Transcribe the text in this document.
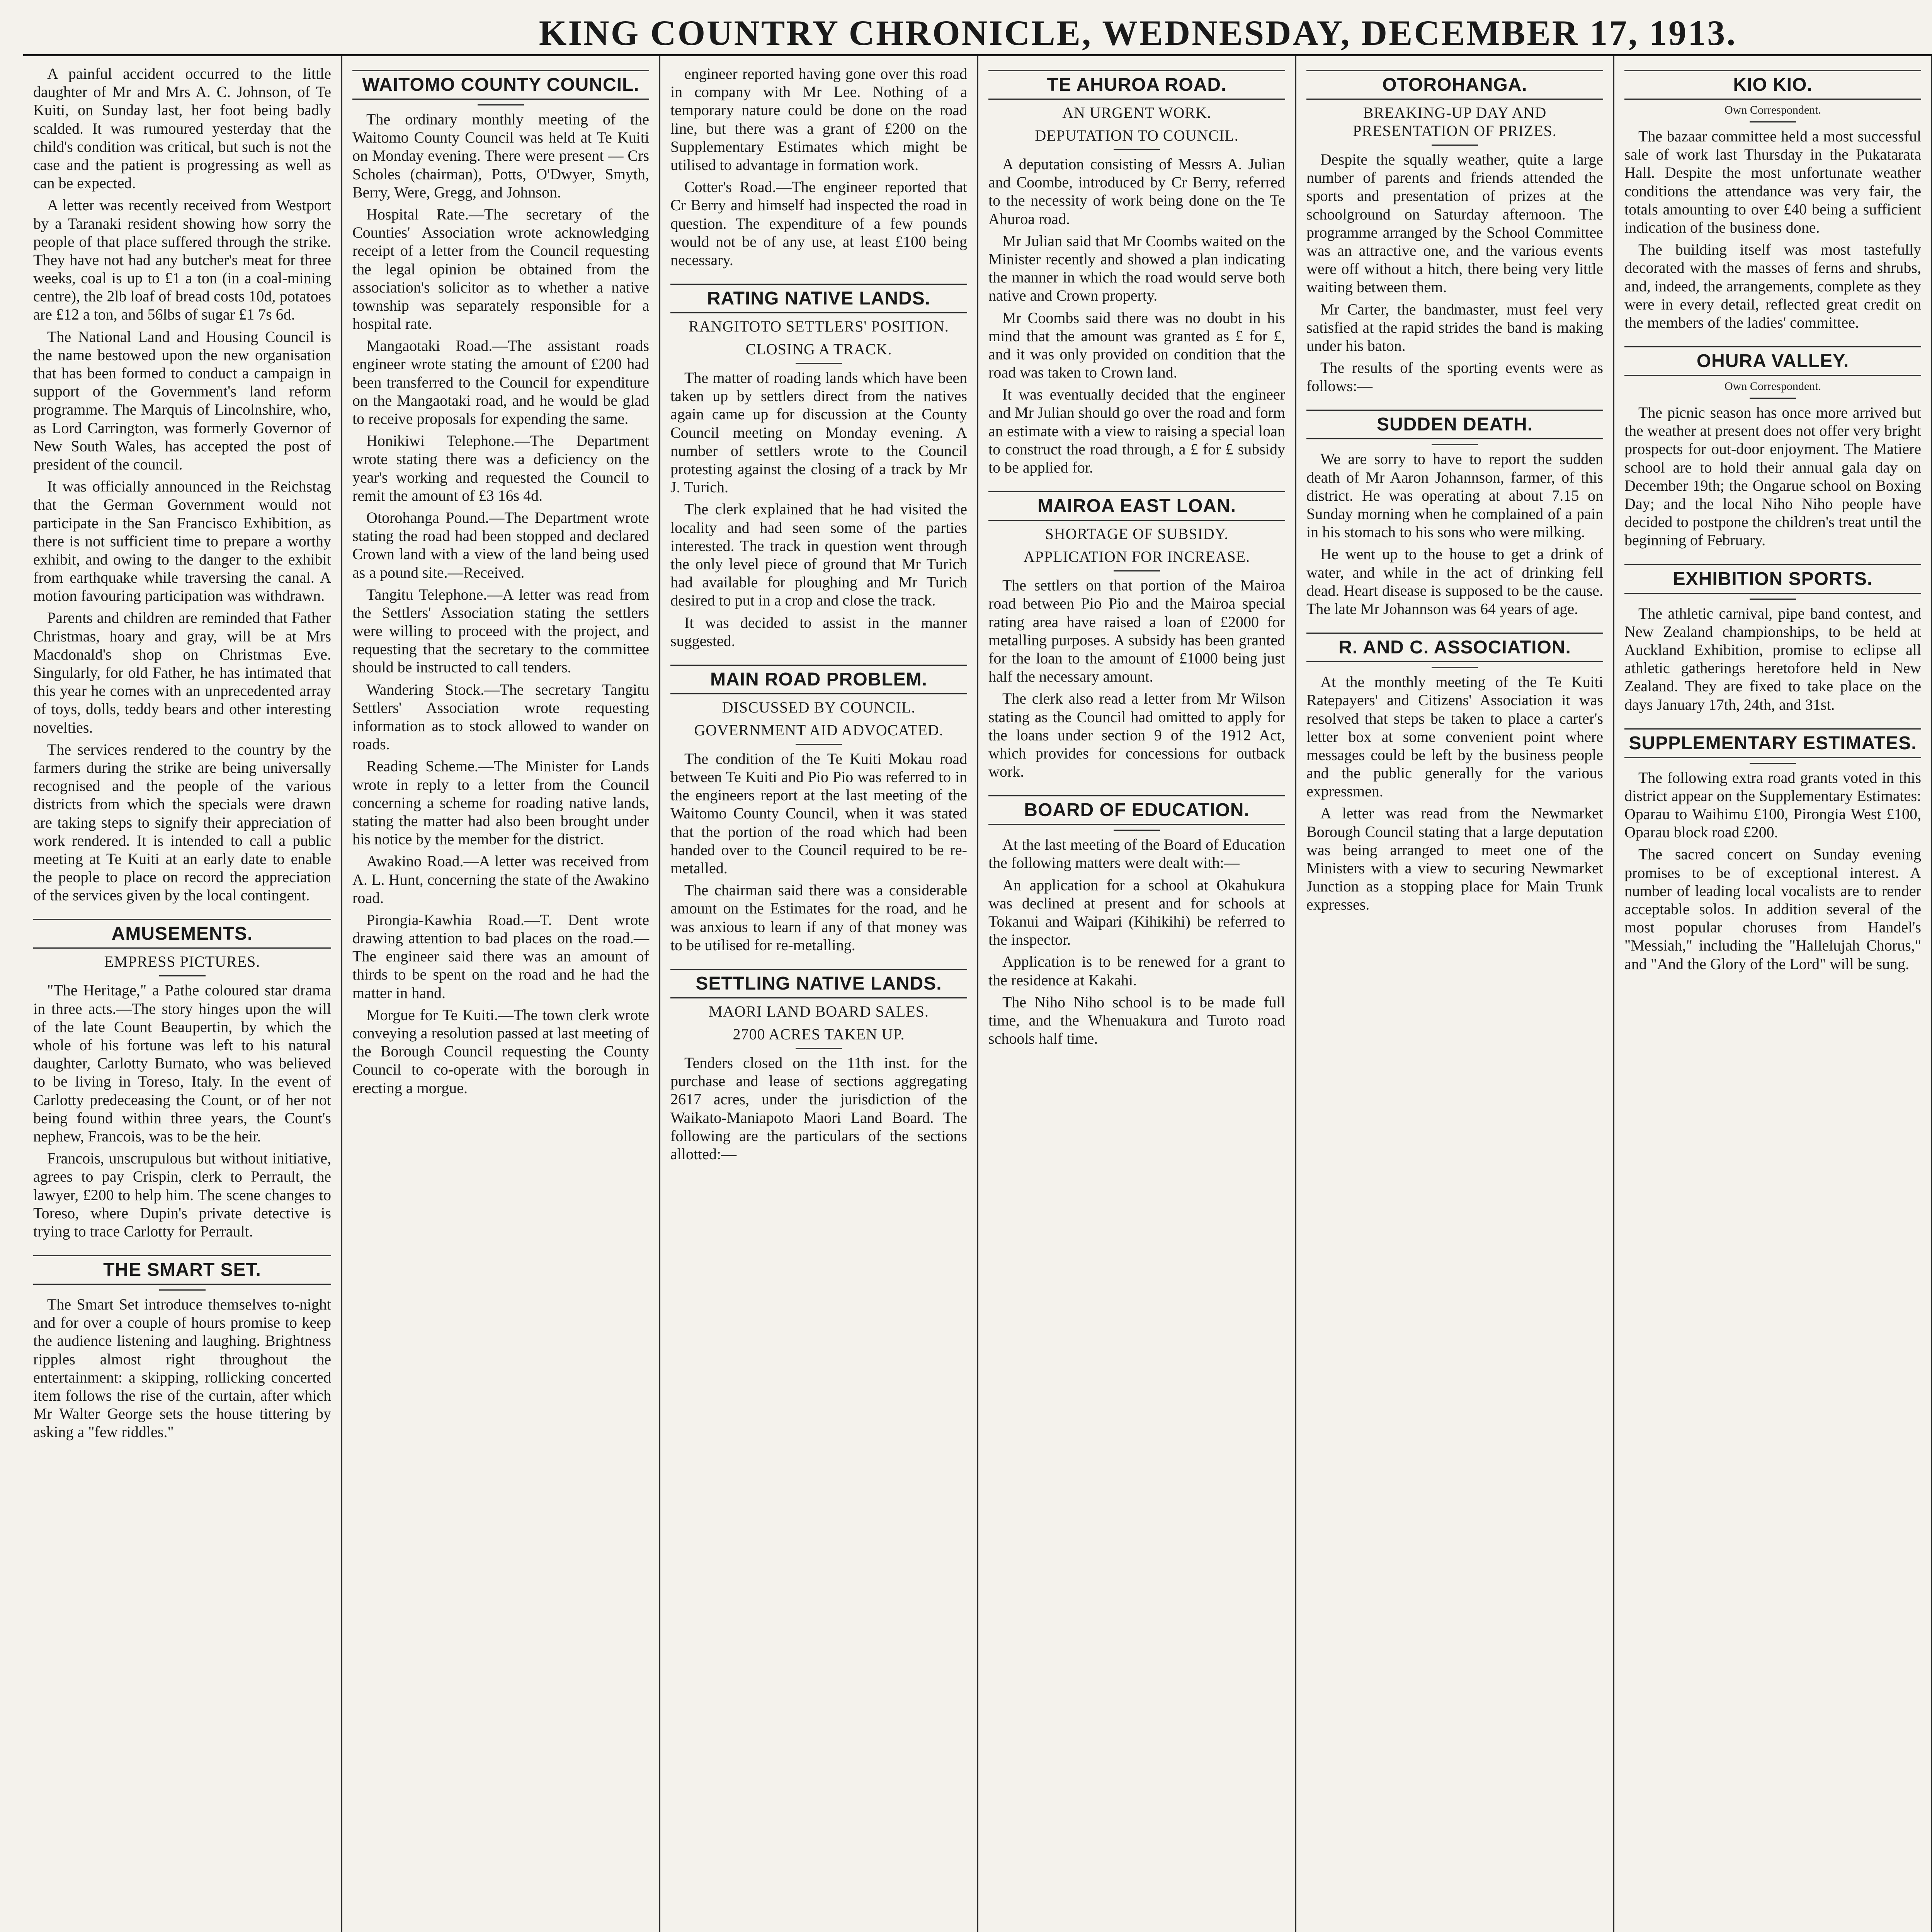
KING COUNTRY CHRONICLE, WEDNESDAY, DECEMBER 17, 1913.

A painful accident occurred to the little daughter of Mr and Mrs A. C. Johnson, of Te Kuiti, on Sunday last, her foot being badly scalded. It was rumoured yesterday that the child's condition was critical, but such is not the case and the patient is progressing as well as can be expected.

A letter was recently received from Westport by a Taranaki resident showing how sorry the people of that place suffered through the strike. They have not had any butcher's meat for three weeks, coal is up to £1 a ton (in a coal-mining centre), the 2lb loaf of bread costs 10d, potatoes are £12 a ton, and 56lbs of sugar £1 7s 6d.

The National Land and Housing Council is the name bestowed upon the new organisation that has been formed to conduct a campaign in support of the Government's land reform programme. The Marquis of Lincolnshire, who, as Lord Carrington, was formerly Governor of New South Wales, has accepted the post of president of the council.

It was officially announced in the Reichstag that the German Government would not participate in the San Francisco Exhibition, as there is not sufficient time to prepare a worthy exhibit, and owing to the danger to the exhibit from earthquake while traversing the canal. A motion favouring participation was withdrawn.

Parents and children are reminded that Father Christmas, hoary and gray, will be at Mrs Macdonald's shop on Christmas Eve. Singularly, for old Father, he has intimated that this year he comes with an unprecedented array of toys, dolls, teddy bears and other interesting novelties.

The services rendered to the country by the farmers during the strike are being universally recognised and the people of the various districts from which the specials were drawn are taking steps to signify their appreciation of work rendered. It is intended to call a public meeting at Te Kuiti at an early date to enable the people to place on record the appreciation of the services given by the local contingent.

AMUSEMENTS.
EMPRESS PICTURES.

"The Heritage," a Pathe coloured star drama in three acts.—The story hinges upon the will of the late Count Beaupertin, by which the whole of his fortune was left to his natural daughter, Carlotty Burnato, who was believed to be living in Toreso, Italy. In the event of Carlotty predeceasing the Count, or of her not being found within three years, the Count's nephew, Francois, was to be the heir.

Francois, unscrupulous but without initiative, agrees to pay Crispin, clerk to Perrault, the lawyer, £200 to help him. The scene changes to Toreso, where Dupin's private detective is trying to trace Carlotty for Perrault.

THE SMART SET.

The Smart Set introduce themselves to-night and for over a couple of hours promise to keep the audience listening and laughing. Brightness ripples almost right throughout the entertainment: a skipping, rollicking concerted item follows the rise of the curtain, after which Mr Walter George sets the house tittering by asking a "few riddles."

WAITOMO COUNTY COUNCIL.

The ordinary monthly meeting of the Waitomo County Council was held at Te Kuiti on Monday evening. There were present — Crs Scholes (chairman), Potts, O'Dwyer, Smyth, Berry, Were, Gregg, and Johnson.

Hospital Rate.—The secretary of the Counties' Association wrote acknowledging receipt of a letter from the Council requesting the legal opinion be obtained from the association's solicitor as to whether a native township was separately responsible for a hospital rate.

Mangaotaki Road.—The assistant roads engineer wrote stating the amount of £200 had been transferred to the Council for expenditure on the Mangaotaki road, and he would be glad to receive proposals for expending the same.

Honikiwi Telephone.—The Department wrote stating there was a deficiency on the year's working and requested the Council to remit the amount of £3 16s 4d.

Otorohanga Pound.—The Department wrote stating the road had been stopped and declared Crown land with a view of the land being used as a pound site.—Received.

Tangitu Telephone.—A letter was read from the Settlers' Association stating the settlers were willing to proceed with the project, and requesting that the secretary to the committee should be instructed to call tenders.

Wandering Stock.—The secretary Tangitu Settlers' Association wrote requesting information as to stock allowed to wander on roads.

Reading Scheme.—The Minister for Lands wrote in reply to a letter from the Council concerning a scheme for roading native lands, stating the matter had also been brought under his notice by the member for the district.

Awakino Road.—A letter was received from A. L. Hunt, concerning the state of the Awakino road.

Pirongia-Kawhia Road.—T. Dent wrote drawing attention to bad places on the road.—The engineer said there was an amount of thirds to be spent on the road and he had the matter in hand.

Morgue for Te Kuiti.—The town clerk wrote conveying a resolution passed at last meeting of the Borough Council requesting the County Council to co-operate with the borough in erecting a morgue.

engineer reported having gone over this road in company with Mr Lee. Nothing of a temporary nature could be done on the road line, but there was a grant of £200 on the Supplementary Estimates which might be utilised to advantage in formation work.

Cotter's Road.—The engineer reported that Cr Berry and himself had inspected the road in question. The expenditure of a few pounds would not be of any use, at least £100 being necessary.

RATING NATIVE LANDS.
RANGITOTO SETTLERS' POSITION.
CLOSING A TRACK.

The matter of roading lands which have been taken up by settlers direct from the natives again came up for discussion at the County Council meeting on Monday evening. A number of settlers wrote to the Council protesting against the closing of a track by Mr J. Turich.

The clerk explained that he had visited the locality and had seen some of the parties interested. The track in question went through the only level piece of ground that Mr Turich had available for ploughing and Mr Turich desired to put in a crop and close the track.

It was decided to assist in the manner suggested.

MAIN ROAD PROBLEM.
DISCUSSED BY COUNCIL.
GOVERNMENT AID ADVOCATED.

The condition of the Te Kuiti Mokau road between Te Kuiti and Pio Pio was referred to in the engineers report at the last meeting of the Waitomo County Council, when it was stated that the portion of the road which had been handed over to the Council required to be re-metalled.

The chairman said there was a considerable amount on the Estimates for the road, and he was anxious to learn if any of that money was to be utilised for re-metalling.

SETTLING NATIVE LANDS.
MAORI LAND BOARD SALES.
2700 ACRES TAKEN UP.

Tenders closed on the 11th inst. for the purchase and lease of sections aggregating 2617 acres, under the jurisdiction of the Waikato-Maniapoto Maori Land Board. The following are the particulars of the sections allotted:—

TE AHUROA ROAD.
AN URGENT WORK.
DEPUTATION TO COUNCIL.

A deputation consisting of Messrs A. Julian and Coombe, introduced by Cr Berry, referred to the necessity of work being done on the Te Ahuroa road.

Mr Julian said that Mr Coombs waited on the Minister recently and showed a plan indicating the manner in which the road would serve both native and Crown property.

Mr Coombs said there was no doubt in his mind that the amount was granted as £ for £, and it was only provided on condition that the road was taken to Crown land.

It was eventually decided that the engineer and Mr Julian should go over the road and form an estimate with a view to raising a special loan to construct the road through, a £ for £ subsidy to be applied for.

MAIROA EAST LOAN.
SHORTAGE OF SUBSIDY.
APPLICATION FOR INCREASE.

The settlers on that portion of the Mairoa road between Pio Pio and the Mairoa special rating area have raised a loan of £2000 for metalling purposes. A subsidy has been granted for the loan to the amount of £1000 being just half the necessary amount.

The clerk also read a letter from Mr Wilson stating as the Council had omitted to apply for the loans under section 9 of the 1912 Act, which provides for concessions for outback work.

BOARD OF EDUCATION.

At the last meeting of the Board of Education the following matters were dealt with:—

An application for a school at Okahukura was declined at present and for schools at Tokanui and Waipari (Kihikihi) be referred to the inspector.

Application is to be renewed for a grant to the residence at Kakahi.

The Niho Niho school is to be made full time, and the Whenuakura and Turoto road schools half time.

OTOROHANGA.
BREAKING-UP DAY AND PRESENTATION OF PRIZES.

Despite the squally weather, quite a large number of parents and friends attended the sports and presentation of prizes at the schoolground on Saturday afternoon. The programme arranged by the School Committee was an attractive one, and the various events were off without a hitch, there being very little waiting between them.

Mr Carter, the bandmaster, must feel very satisfied at the rapid strides the band is making under his baton.

The results of the sporting events were as follows:—

SUDDEN DEATH.

We are sorry to have to report the sudden death of Mr Aaron Johannson, farmer, of this district. He was operating at about 7.15 on Sunday morning when he complained of a pain in his stomach to his sons who were milking.

He went up to the house to get a drink of water, and while in the act of drinking fell dead. Heart disease is supposed to be the cause. The late Mr Johannson was 64 years of age.

R. AND C. ASSOCIATION.

At the monthly meeting of the Te Kuiti Ratepayers' and Citizens' Association it was resolved that steps be taken to place a carter's letter box at some convenient point where messages could be left by the business people and the public generally for the various expressmen.

A letter was read from the Newmarket Borough Council stating that a large deputation was being arranged to meet one of the Ministers with a view to securing Newmarket Junction as a stopping place for Main Trunk expresses.

KIO KIO.
Own Correspondent.

The bazaar committee held a most successful sale of work last Thursday in the Pukatarata Hall. Despite the most unfortunate weather conditions the attendance was very fair, the totals amounting to over £40 being a sufficient indication of the business done.

The building itself was most tastefully decorated with the masses of ferns and shrubs, and, indeed, the arrangements, complete as they were in every detail, reflected great credit on the members of the ladies' committee.

OHURA VALLEY.
Own Correspondent.

The picnic season has once more arrived but the weather at present does not offer very bright prospects for out-door enjoyment. The Matiere school are to hold their annual gala day on December 19th; the Ongarue school on Boxing Day; and the local Niho Niho people have decided to postpone the children's treat until the beginning of February.

EXHIBITION SPORTS.

The athletic carnival, pipe band contest, and New Zealand championships, to be held at Auckland Exhibition, promise to eclipse all athletic gatherings heretofore held in New Zealand. They are fixed to take place on the days January 17th, 24th, and 31st.

SUPPLEMENTARY ESTIMATES.

The following extra road grants voted in this district appear on the Supplementary Estimates: Oparau to Waihimu £100, Pirongia West £100, Oparau block road £200.

The sacred concert on Sunday evening promises to be of exceptional interest. A number of leading local vocalists are to render acceptable solos. In addition several of the most popular choruses from Handel's "Messiah," including the "Hallelujah Chorus," and "And the Glory of the Lord" will be sung.
